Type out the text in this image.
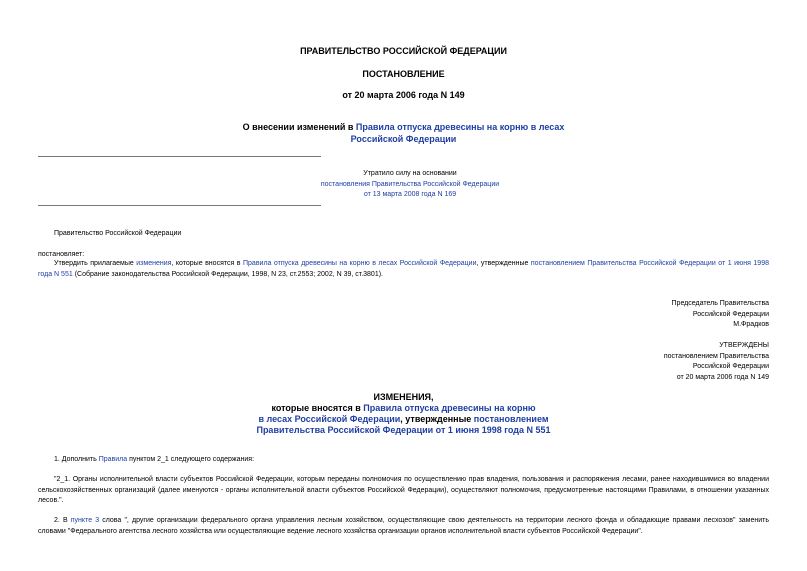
ПРАВИТЕЛЬСТВО РОССИЙСКОЙ ФЕДЕРАЦИИ
ПОСТАНОВЛЕНИЕ
от 20 марта 2006 года N 149
О внесении изменений в Правила отпуска древесины на корню в лесах
Российской Федерации
Утратило силу на основании
постановления Правительства Российской Федерации
от 13 марта 2008 года N 169
Правительство Российской Федерации
постановляет:
Утвердить прилагаемые изменения, которые вносятся в Правила отпуска древесины на корню в лесах Российской Федерации, утвержденные постановлением Правительства Российской Федерации от 1 июня 1998 года N 551 (Собрание законодательства Российской Федерации, 1998, N 23, ст.2553; 2002, N 39, ст.3801).
Председатель Правительства
Российской Федерации
М.Фрадков
УТВЕРЖДЕНЫ
постановлением Правительства
Российской Федерации
от 20 марта 2006 года N 149
ИЗМЕНЕНИЯ,
которые вносятся в Правила отпуска древесины на корню
в лесах Российской Федерации, утвержденные постановлением
Правительства Российской Федерации от 1 июня 1998 года N 551
1. Дополнить Правила пунктом 2_1 следующего содержания:
"2_1. Органы исполнительной власти субъектов Российской Федерации, которым переданы полномочия по осуществлению прав владения, пользования и распоряжения лесами, ранее находившимися во владении сельскохозяйственных организаций (далее именуются - органы исполнительной власти субъектов Российской Федерации), осуществляют полномочия, предусмотренные настоящими Правилами, в отношении указанных лесов.".
2. В пункте 3 слова ", другие организации федерального органа управления лесным хозяйством, осуществляющие свою деятельность на территории лесного фонда и обладающие правами лесхозов" заменить словами "Федерального агентства лесного хозяйства или осуществляющие ведение лесного хозяйства организации органов исполнительной власти субъектов Российской Федерации".
